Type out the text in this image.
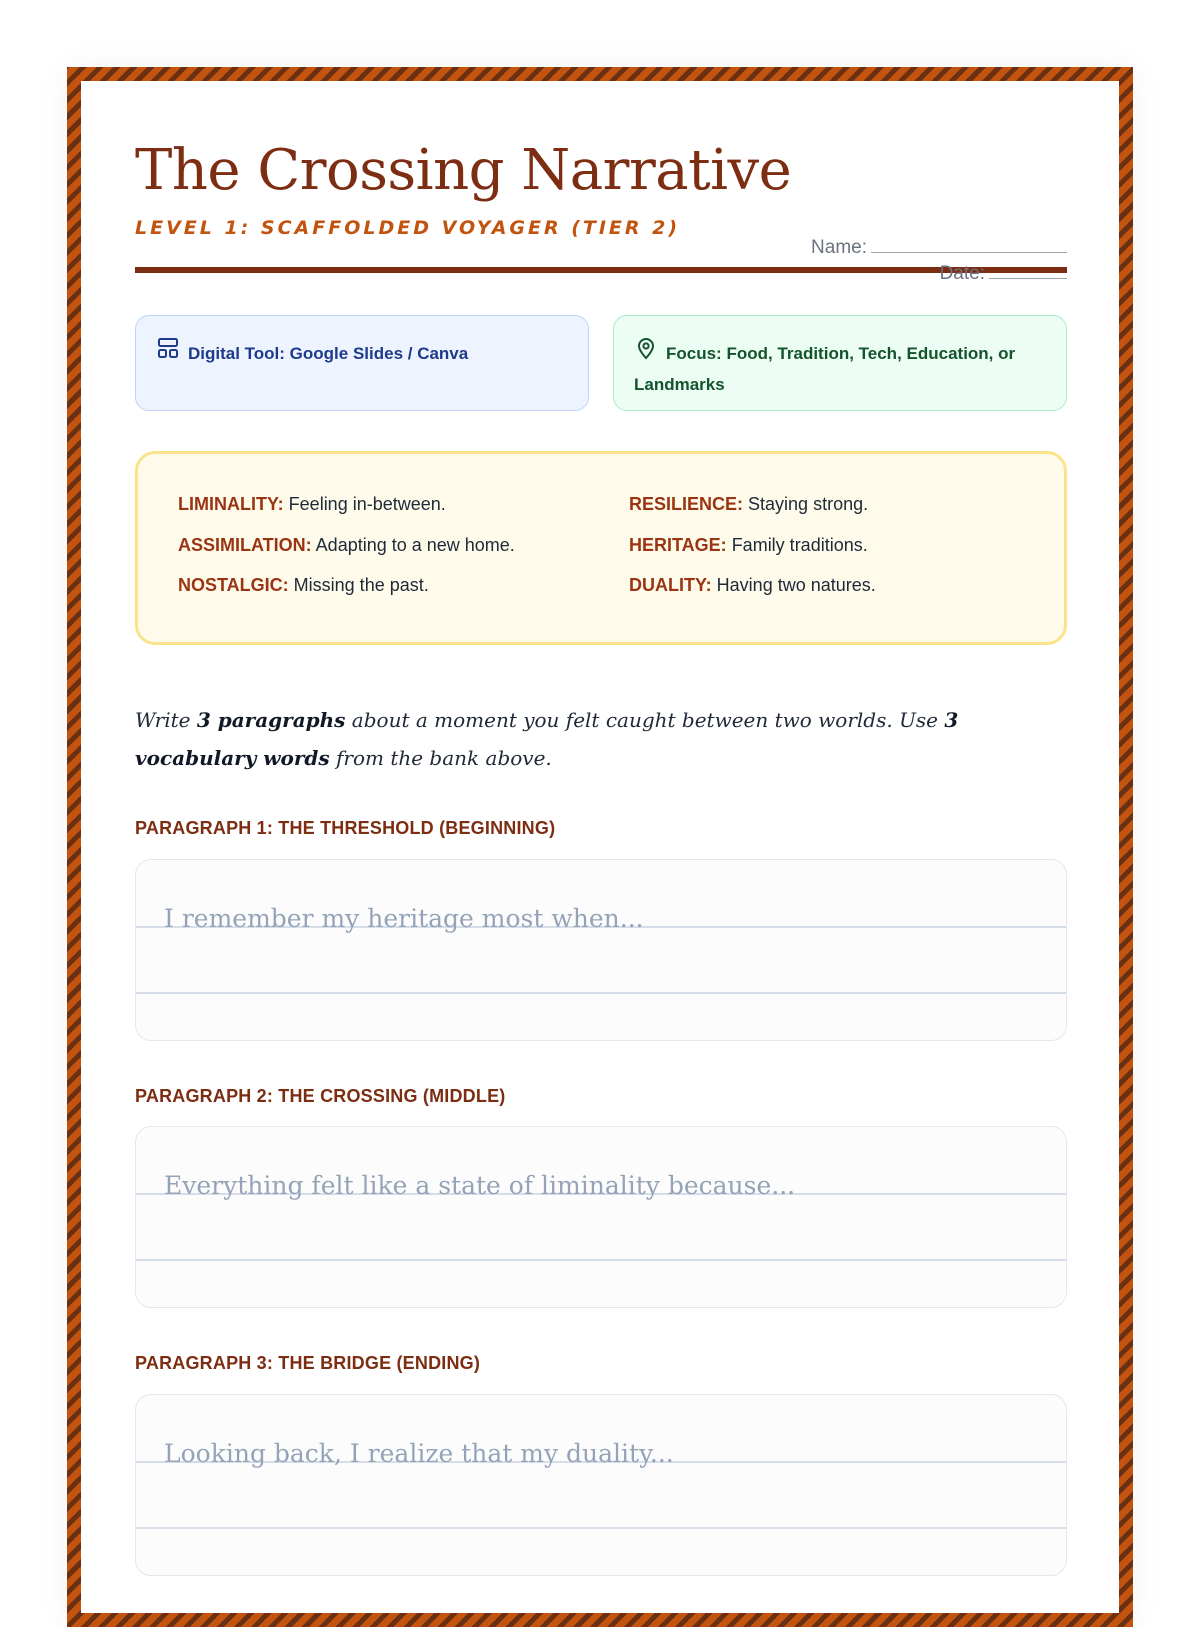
The Crossing Narrative
LEVEL 1: SCAFFOLDED VOYAGER (TIER 2)
Name:
Date:
Digital Tool: Google Slides / Canva	Focus: Food, Tradition, Tech, Education, or Landmarks
LIMINALITY: Feeling in-between.	RESILIENCE: Staying strong.
ASSIMILATION: Adapting to a new home.	HERITAGE: Family traditions.
NOSTALGIC: Missing the past.	DUALITY: Having two natures.
Write 3 paragraphs about a moment you felt caught between two worlds. Use 3 vocabulary words from the bank above.
PARAGRAPH 1: THE THRESHOLD (BEGINNING)
I remember my heritage most when...
PARAGRAPH 2: THE CROSSING (MIDDLE)
Everything felt like a state of liminality because...
PARAGRAPH 3: THE BRIDGE (ENDING)
Looking back, I realize that my duality...
